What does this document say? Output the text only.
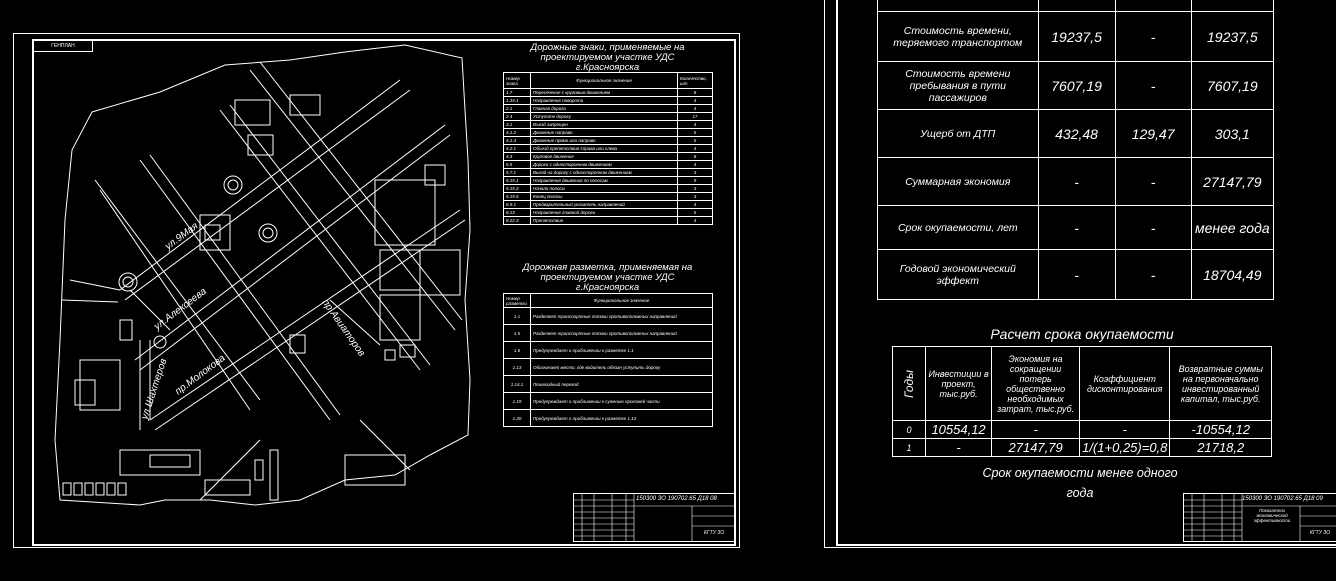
ГЕНПЛАН
ул.9Мая
ул.Алексеева
пр.Молокова
ул.Шахтеров
пр.Авиаторов
Дорожные знаки, применяемые на
проектируемом участке УДС
г.Красноярска
Номер знака	Функциональное значение	Количество, шт
1.7	Пересечение с круговым движением	8
1.34.1	Направление поворота	4
2.1	Главная дорога	4
2.4	Уступите дорогу	17
3.1	Въезд запрещен	4
4.1.2	Движение направо	5
4.1.4	Движение прямо или направо	5
4.2.1	Объезд препятствия справа или слева	4
4.3	Круговое движение	8
5.5	Дорога с односторонним движением	4
5.7.1	Выезд на дорогу с односторонним движением	3
5.15.1	Направление движения по полосам	9
5.15.3	Начало полосы	3
5.15.5	Конец полосы	3
6.9.1	Предварительный указатель направлений	4
8.13	Направление главной дороги	5
8.22.3	Препятствие	4
Дорожная разметка, применяемая на
проектируемом участке УДС
г.Красноярска
Номер разметки	Функциональное значение
1.1	Разделяет транспортные потоки противоположных направлений
1.5	Разделяет транспортные потоки противоположных направлений
1.6	Предупреждает о приближении к разметке 1.1
1.13	Обозначает место, где водитель обязан уступить дорогу
1.14.1	Пешеходный переход
1.19	Предупреждает о приближении к сужению проезжей части
1.20	Предупреждает о приближении к разметке 1.13
150300 ЗО 190702.65 Д18 08
КГТУ ЗО

Стоимость времени, теряемого транспортом	19237,5	-	19237,5
Стоимость времени пребывания в пути пассажиров	7607,19	-	7607,19
Ущерб от ДТП	432,48	129,47	303,1
Суммарная экономия	-	-	27147,79
Срок окупаемости, лет	-	-	менее года
Годовой экономический эффект	-	-	18704,49
Расчет срока окупаемости
Годы	Инвестиции в проект, тыс.руб.	Экономия на сокращении потерь общественно необходимых затрат, тыс.руб.	Коэффициент дисконтирования	Возвратные суммы на первоначально инвестированный капитал, тыс.руб.
0	10554,12	-	-	-10554,12
1	-	27147,79	1/(1+0,25)=0,8	21718,2
Срок окупаемости менее одного
года	150300 ЗО 190702.65 Д18 09
Показатели экономической эффективности
КГТУ ЗО
